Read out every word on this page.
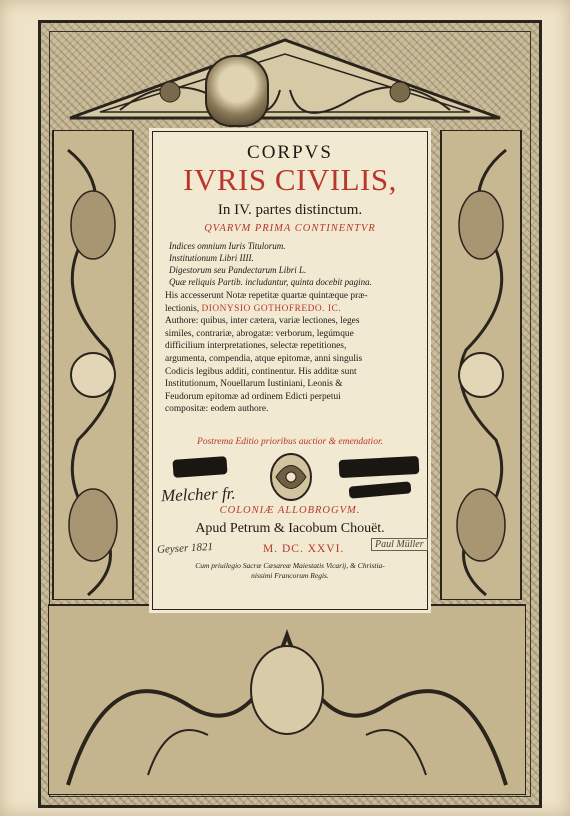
CORPVS
IVRIS CIVILIS,
In IV. partes distinctum.
QVARVM PRIMA CONTINENTVR
Indices omnium Iuris Titulorum.
Institutionum Libri IIII.
Digestorum seu Pandectarum Libri L.
Quæ reliquis Partib. includantur, quinta docebit pagina.
His accesserunt Notæ repetitæ quartæ quintæque præ-
lectionis, DIONYSIO GOTHOFREDO. IC.
Authore: quibus, inter cætera, variæ lectiones, leges
similes, contrariæ, abrogatæ: verborum, legúmque
difficilium interpretationes, selectæ repetitiones,
argumenta, compendia, atque epitomæ, anni singulis
Codicis legibus additi, continentur. His additæ sunt
Institutionum, Nouellarum Iustiniani, Leonis &
Feudorum epitomæ ad ordinem Edicti perpetui
compositæ: eodem authore.
Postrema Editio prioribus auctior & emendatior.
Melcher fr.
COLONIÆ ALLOBROGVM.
Apud Petrum & Iacobum Chouët.
Geyser 1821	M. DC. XXVI.	Paul Müller
Cum priuilegio Sacræ Cæsareæ Maiestatis Vicarij, & Christia-
nissimi Francorum Regis.
